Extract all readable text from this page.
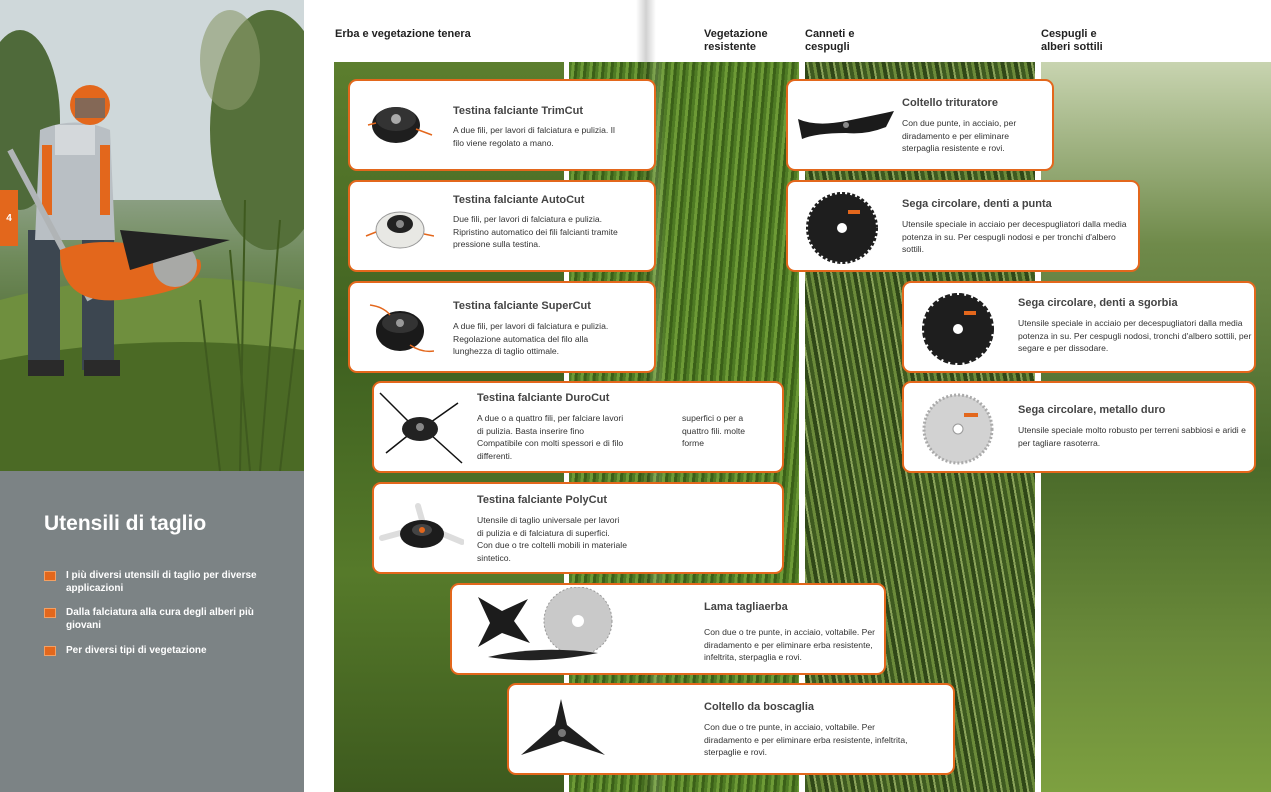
4
Utensili di taglio
I più diversi utensili di taglio per diverse applicazioni
Dalla falciatura alla cura degli alberi più giovani
Per diversi tipi di vegetazione
Erba e vegetazione tenera	Vegetazione resistente
Canneti e cespugli
Cespugli e alberi sottili
Testina falciante TrimCut
A due fili, per lavori di falciatura e pulizia. Il filo viene regolato a mano.
Testina falciante AutoCut
Due fili, per lavori di falciatura e pulizia. Ripristino automatico dei fili falcianti tramite pressione sulla testina.
Testina falciante SuperCut
A due fili, per lavori di falciatura e pulizia. Regolazione automatica del filo alla lunghezza di taglio ottimale.
Testina falciante DuroCut
A due o a quattro fili, per falciare lavori di pulizia. Basta inserire fino Compatibile con molti spessori e di filo differenti.
superfici o per a quattro fili. molte forme
Testina falciante PolyCut
Utensile di taglio universale per lavori di pulizia e di falciatura di superfici. Con due o tre coltelli mobili in materiale sintetico.
Lama tagliaerba
Con due o tre punte, in acciaio, voltabile. Per diradamento e per eliminare erba resistente, infeltrita, sterpaglia e rovi.
Coltello da boscaglia
Con due o tre punte, in acciaio, voltabile. Per diradamento e per eliminare erba resistente, infeltrita, sterpaglie e rovi.
Coltello trituratore
Con due punte, in acciaio, per diradamento e per eliminare sterpaglia resistente e rovi.
Sega circolare, denti a punta
Utensile speciale in acciaio per decespugliatori dalla media potenza in su. Per cespugli nodosi e per tronchi d'albero sottili.
Sega circolare, denti a sgorbia
Utensile speciale in acciaio per decespugliatori dalla media potenza in su. Per cespugli nodosi, tronchi d'albero sottili, per segare e per dissodare.
Sega circolare, metallo duro
Utensile speciale molto robusto per terreni sabbiosi e aridi e per tagliare rasoterra.
